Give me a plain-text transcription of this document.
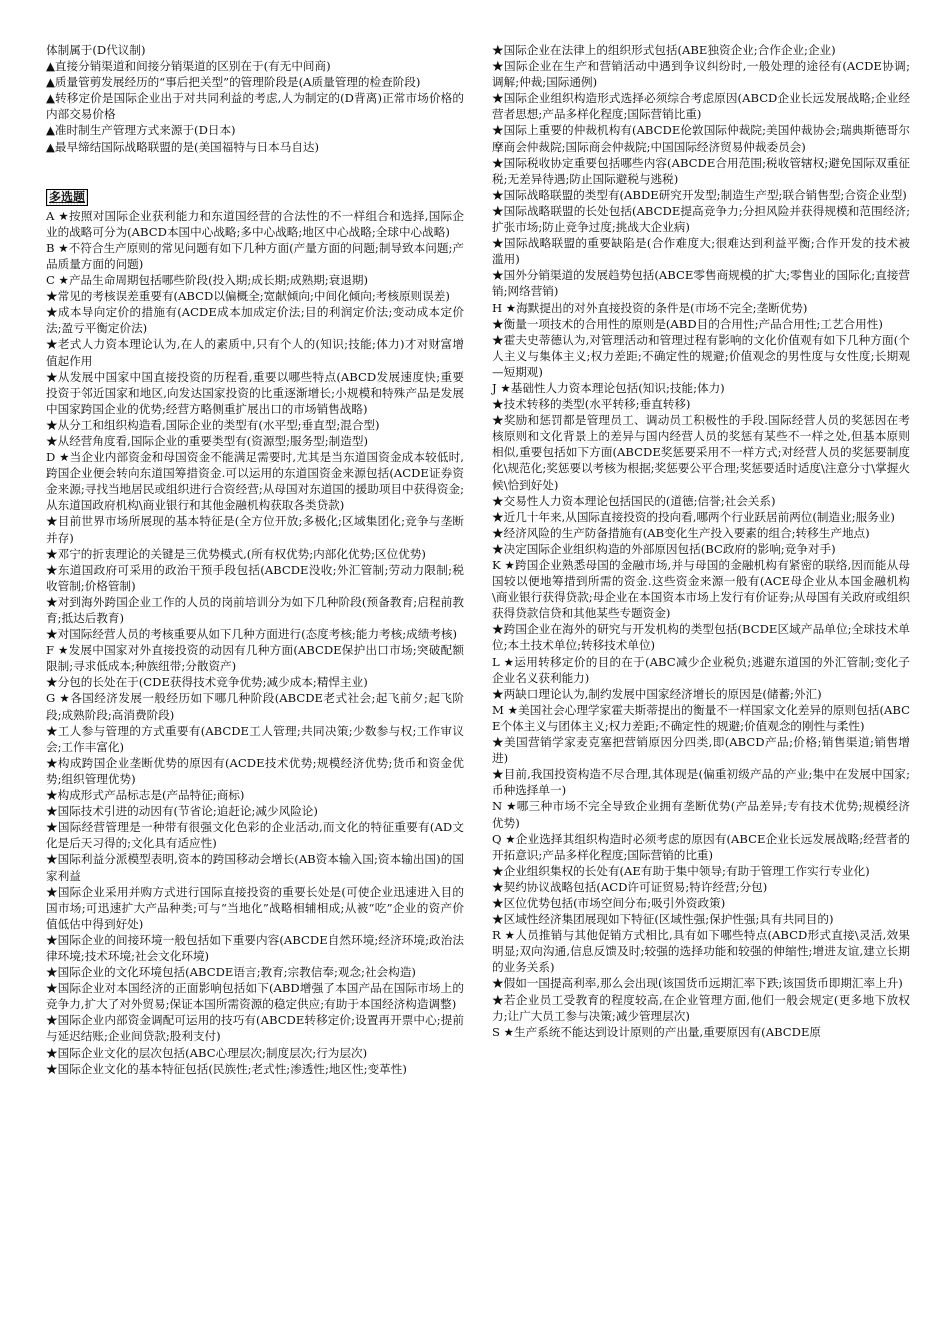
体制属于(D代议制)

▲直接分销渠道和间接分销渠道的区别在于(有无中间商)

▲质量管剪发展经历的“事后把关型”的管理阶段是(A质量管理的检查阶段)

▲转移定价是国际企业出于对共同利益的考虑,人为制定的(D背离)正常市场价格的内部交易价格

▲准时制生产管理方式来源于(D日本)

▲最早缔结国际战略联盟的是(美国福特与日本马自达)

多选题

A ★按照对国际企业获利能力和东道国经营的合法性的不一样组合和选择,国际企业的战略可分为(ABCD本国中心战略;多中心战略;地区中心战略;全球中心战略)

B ★不符合生产原则的常见问题有如下几种方面(产量方面的问题;制导致本问题;产品质量方面的问题)

C ★产品生命周期包括哪些阶段(投入期;成长期;成熟期;衰退期)

★常见的考核误差重要有(ABCD以偏概全;宽献倾向;中间化倾向;考核原则误差)

★成本导向定价的措施有(ACDE成本加成定价法;目的利润定价法;变动成本定价法;盈亏平衡定价法)

★老式人力资本理论认为,在人的素质中,只有个人的(知识;技能;体力)才对财富增值起作用

★从发展中国家中国直接投资的历程看,重要以哪些特点(ABCD发展速度快;重要投资于邻近国家和地区,向发达国家投资的比重逐渐增长;小规模和特殊产品是发展中国家跨国企业的优势;经营方略侧重扩展出口的市场销售战略)

★从分工和组织构造看,国际企业的类型有(水平型;垂直型;混合型)

★从经营角度看,国际企业的重要类型有(资源型;服务型;制造型)

D ★当企业内部资金和母国资金不能满足需要时,尤其是当东道国资金成本较低时,跨国企业便会转向东道国筹措资金.可以运用的东道国资金来源包括(ACDE证券资金来源;寻找当地居民或组织进行合资经营;从母国对东道国的援助项目中获得资金;从东道国政府机构\商业银行和其他金融机构获取各类贷款)

★目前世界市场所展现的基本特征是(全方位开放;多极化;区域集团化;竞争与垄断并存)

★邓宁的折衷理论的关键是三优势模式,(所有权优势;内部化优势;区位优势)

★东道国政府可采用的政治干预手段包括(ABCDE没收;外汇管制;劳动力限制;税收管制;价格管制)

★对到海外跨国企业工作的人员的岗前培训分为如下几种阶段(预备教育;启程前教育;抵达后教育)

★对国际经营人员的考核重要从如下几种方面进行(态度考核;能力考核;成绩考核)

F ★发展中国家对外直接投资的动因有几种方面(ABCDE保护出口市场;突破配额限制;寻求低成本;种族纽带;分散资产)

★分包的长处在于(CDE获得技术竞争优势;减少成本;精悍主业)

G ★各国经济发展一般经历如下哪几种阶段(ABCDE老式社会;起飞前夕;起飞阶段;成熟阶段;高消费阶段)

★工人参与管理的方式重要有(ABCDE工人管理;共同决策;少数参与权;工作审议会;工作丰富化)

★构成跨国企业垄断优势的原因有(ACDE技术优势;规模经济优势;货币和资金优势;组织管理优势)

★构成形式产品标志是(产品特征;商标)

★国际技术引进的动因有(节省论;追赶论;减少风险论)

★国际经营管理是一种带有很强文化色彩的企业活动,而文化的特征重要有(AD文化是后天习得的;文化具有适应性)

★国际利益分派模型表明,资本的跨国移动会增长(AB资本输入国;资本输出国)的国家利益

★国际企业采用并购方式进行国际直接投资的重要长处是(可使企业迅速进入目的国市场;可迅速扩大产品种类;可与“当地化”战略相辅相成;从被“吃”企业的资产价值低估中得到好处)

★国际企业的间接环境一般包括如下重要内容(ABCDE自然环境;经济环境;政治法律环境;技术环境;社会文化环境)

★国际企业的文化环境包括(ABCDE语言;教育;宗教信奉;观念;社会构造)

★国际企业对本国经济的正面影响包括如下(ABD增强了本国产品在国际市场上的竞争力,扩大了对外贸易;保证本国所需资源的稳定供应;有助于本国经济构造调整)

★国际企业内部资金调配可运用的技巧有(ABCDE转移定价;设置再开票中心;提前与延迟结账;企业间贷款;股利支付)

★国际企业文化的层次包括(ABC心理层次;制度层次;行为层次)

★国际企业文化的基本特征包括(民族性;老式性;渗透性;地区性;变革性)

★国际企业在法律上的组织形式包括(ABE独资企业;合作企业;企业)

★国际企业在生产和营销活动中遇到争议纠纷时,一般处理的途径有(ACDE协调;调解;仲裁;国际通例)

★国际企业组织构造形式选择必须综合考虑原因(ABCD企业长远发展战略;企业经营者思想;产品多样化程度;国际营销比重)

★国际上重要的仲裁机构有(ABCDE伦敦国际仲裁院;美国仲裁协会;瑞典斯德哥尔摩商会仲裁院;国际商会仲裁院;中国国际经济贸易仲裁委员会)

★国际税收协定重要包括哪些内容(ABCDE合用范围;税收管辖权;避免国际双重征税;无差异待遇;防止国际避税与逃税)

★国际战略联盟的类型有(ABDE研究开发型;制造生产型;联合销售型;合资企业型)

★国际战略联盟的长处包括(ABCDE提高竞争力;分担风险并获得规模和范围经济;扩张市场;防止竞争过度;挑战大企业病)

★国际战略联盟的重要缺陷是(合作难度大;很难达到利益平衡;合作开发的技术被滥用)

★国外分销渠道的发展趋势包括(ABCE零售商规模的扩大;零售业的国际化;直接营销;网络营销)

H ★海默提出的对外直接投资的条件是(市场不完全;垄断优势)

★衡量一项技术的合用性的原则是(ABD目的合用性;产品合用性;工艺合用性)

★霍夫史蒂德认为,对管理活动和管理过程有影响的文化价值观有如下几种方面(个人主义与集体主义;权力差距;不确定性的规避;价值观念的男性度与女性度;长期观—短期观)

J ★基础性人力资本理论包括(知识;技能;体力)

★技术转移的类型(水平转移;垂直转移)

★奖励和惩罚都是管理员工、调动员工积极性的手段.国际经营人员的奖惩因在考核原则和文化背景上的差异与国内经营人员的奖惩有某些不一样之处,但基本原则相似,重要包括如下方面(ABCDE奖惩要采用不一样方式;对经营人员的奖惩要制度化\规范化;奖惩要以考核为根据;奖惩要公平合理;奖惩要适时适度\注意分寸\掌握火候\恰到好处)

★交易性人力资本理论包括国民的(道德;信誉;社会关系)

★近几十年来,从国际直接投资的投向看,哪两个行业跃居前两位(制造业;服务业)

★经济风险的生产防备措施有(AB变化生产投入要素的组合;转移生产地点)

★决定国际企业组织构造的外部原因包括(BC政府的影响;竞争对手)

K ★跨国企业熟悉母国的金融市场,并与母国的金融机构有紧密的联络,因而能从母国较以便地筹措到所需的资金.这些资金来源一般有(ACE母企业从本国金融机构\商业银行获得贷款;母企业在本国资本市场上发行有价证券;从母国有关政府或组织获得贷款信贷和其他某些专题资金)

★跨国企业在海外的研究与开发机构的类型包括(BCDE区域产品单位;全球技术单位;本土技术单位;转移技术单位)

L ★运用转移定价的目的在于(ABC减少企业税负;逃避东道国的外汇管制;变化子企业名义获利能力)

★两缺口理论认为,制约发展中国家经济增长的原因是(储蓄;外汇)

M ★美国社会心理学家霍夫斯蒂提出的衡量不一样国家文化差异的原则包括(ABCE个体主义与团体主义;权力差距;不确定性的规避;价值观念的刚性与柔性)

★美国营销学家麦克塞把营销原因分四类,即(ABCD产品;价格;销售渠道;销售增进)

★目前,我国投资构造不尽合理,其体现是(偏重初级产品的产业;集中在发展中国家;币种选择单一)

N ★哪三种市场不完全导致企业拥有垄断优势(产品差异;专有技术优势;规模经济优势)

Q ★企业选择其组织构造时必须考虑的原因有(ABCE企业长远发展战略;经营者的开拓意识;产品多样化程度;国际营销的比重)

★企业组织集权的长处有(AE有助于集中领导;有助于管理工作实行专业化)

★契约协议战略包括(ACD许可证贸易;特许经营;分包)

★区位优势包括(市场空间分布;吸引外资政策)

★区域性经济集团展现如下特征(区域性强;保护性强;具有共同目的)

R ★人员推销与其他促销方式相比,具有如下哪些特点(ABCD形式直接\灵活,效果明显;双向沟通,信息反馈及时;较强的选择功能和较强的伸缩性;增进友谊,建立长期的业务关系)

★假如一国提高利率,那么会出现(该国货币远期汇率下跌;该国货币即期汇率上升)

★若企业员工受教育的程度较高,在企业管理方面,他们一般会规定(更多地下放权力;让广大员工参与决策;减少管理层次)

S ★生产系统不能达到设计原则的产出量,重要原因有(ABCDE原
